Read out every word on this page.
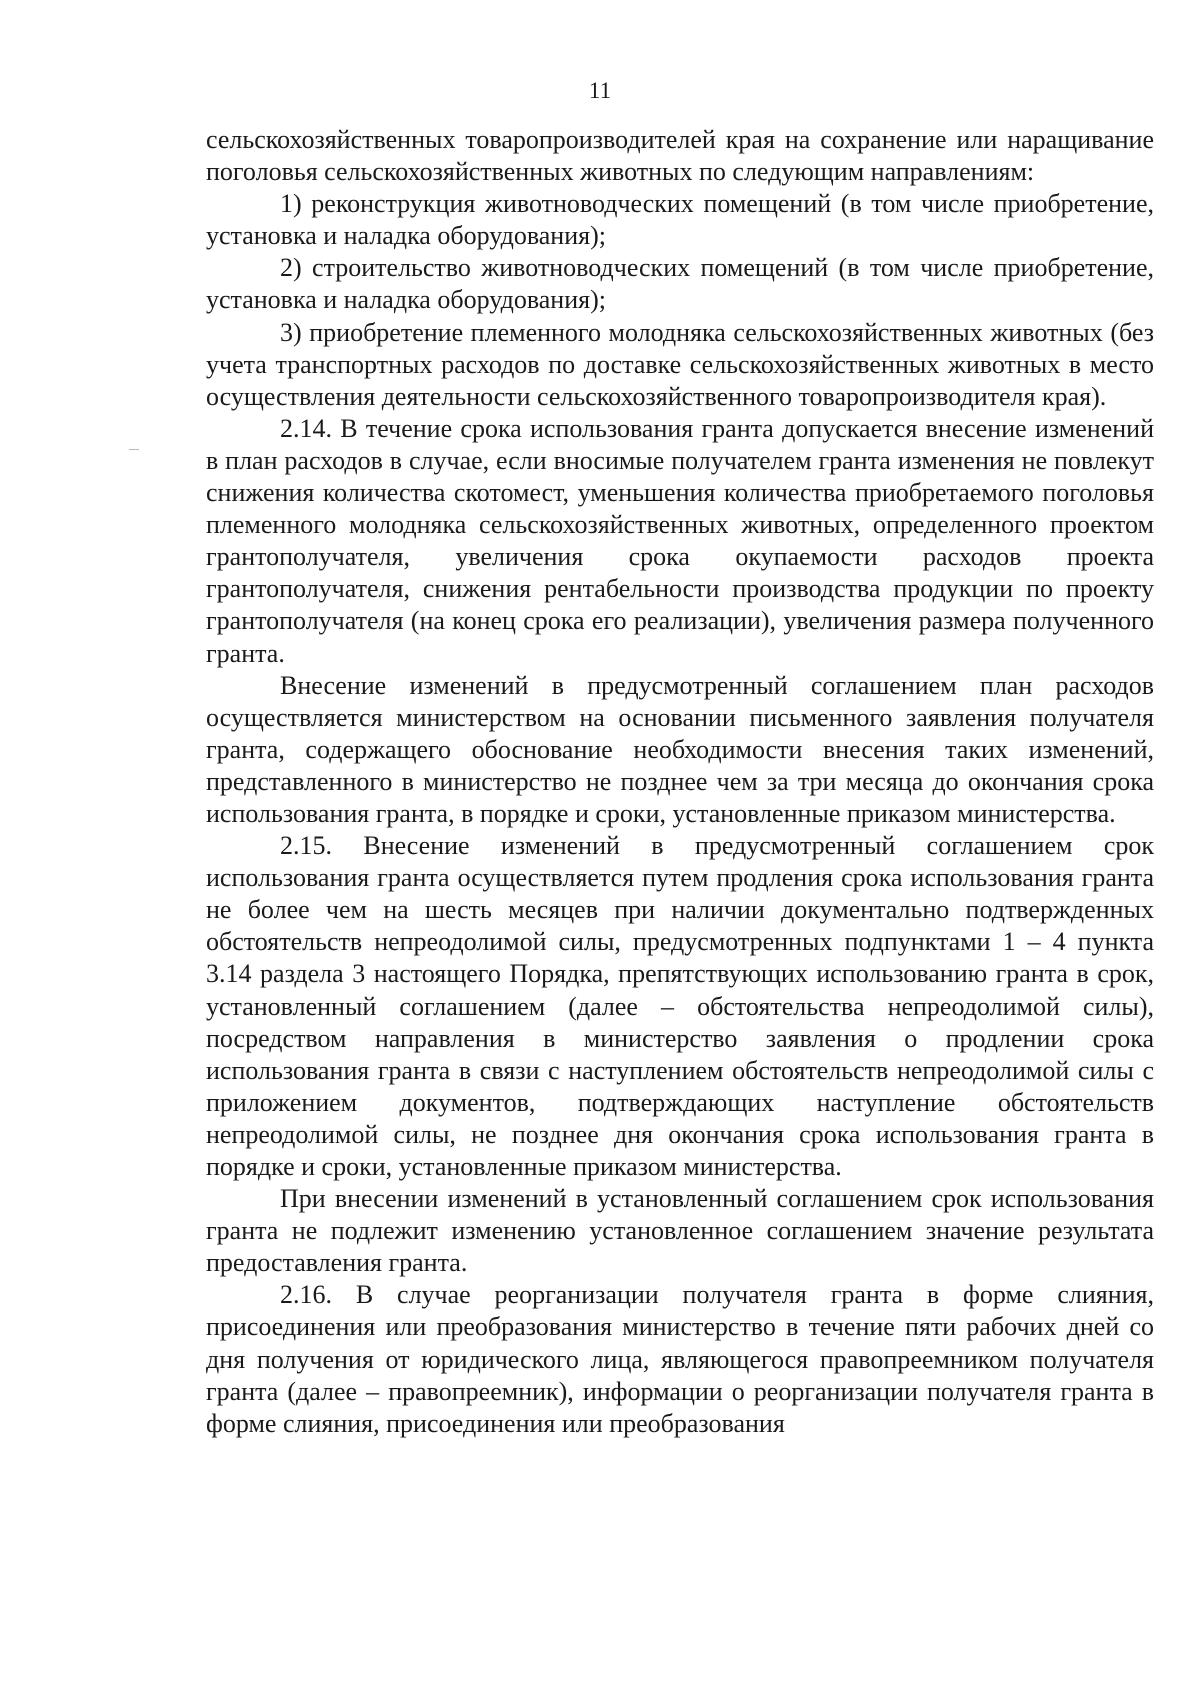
11

сельскохозяйственных товаропроизводителей края на сохранение или наращивание поголовья сельскохозяйственных животных по следующим направлениям:

1) реконструкция животноводческих помещений (в том числе приобретение, установка и наладка оборудования);

2) строительство животноводческих помещений (в том числе приобретение, установка и наладка оборудования);

3) приобретение племенного молодняка сельскохозяйственных животных (без учета транспортных расходов по доставке сельскохозяйственных животных в место осуществления деятельности сельскохозяйственного товаропроизводителя края).

2.14. В течение срока использования гранта допускается внесение изменений в план расходов в случае, если вносимые получателем гранта изменения не повлекут снижения количества скотомест, уменьшения количества приобретаемого поголовья племенного молодняка сельскохозяйственных животных, определенного проектом грантополучателя, увеличения срока окупаемости расходов проекта грантополучателя, снижения рентабельности производства продукции по проекту грантополучателя (на конец срока его реализации), увеличения размера полученного гранта.

Внесение изменений в предусмотренный соглашением план расходов осуществляется министерством на основании письменного заявления получателя гранта, содержащего обоснование необходимости внесения таких изменений, представленного в министерство не позднее чем за три месяца до окончания срока использования гранта, в порядке и сроки, установленные приказом министерства.

2.15. Внесение изменений в предусмотренный соглашением срок использования гранта осуществляется путем продления срока использования гранта не более чем на шесть месяцев при наличии документально подтвержденных обстоятельств непреодолимой силы, предусмотренных подпунктами 1 – 4 пункта 3.14 раздела 3 настоящего Порядка, препятствующих использованию гранта в срок, установленный соглашением (далее – обстоятельства непреодолимой силы), посредством направления в министерство заявления о продлении срока использования гранта в связи с наступлением обстоятельств непреодолимой силы с приложением документов, подтверждающих наступление обстоятельств непреодолимой силы, не позднее дня окончания срока использования гранта в порядке и сроки, установленные приказом министерства.

При внесении изменений в установленный соглашением срок использования гранта не подлежит изменению установленное соглашением значение результата предоставления гранта.

2.16. В случае реорганизации получателя гранта в форме слияния, присоединения или преобразования министерство в течение пяти рабочих дней со дня получения от юридического лица, являющегося правопреемником получателя гранта (далее – правопреемник), информации о реорганизации получателя гранта в форме слияния, присоединения или преобразования
